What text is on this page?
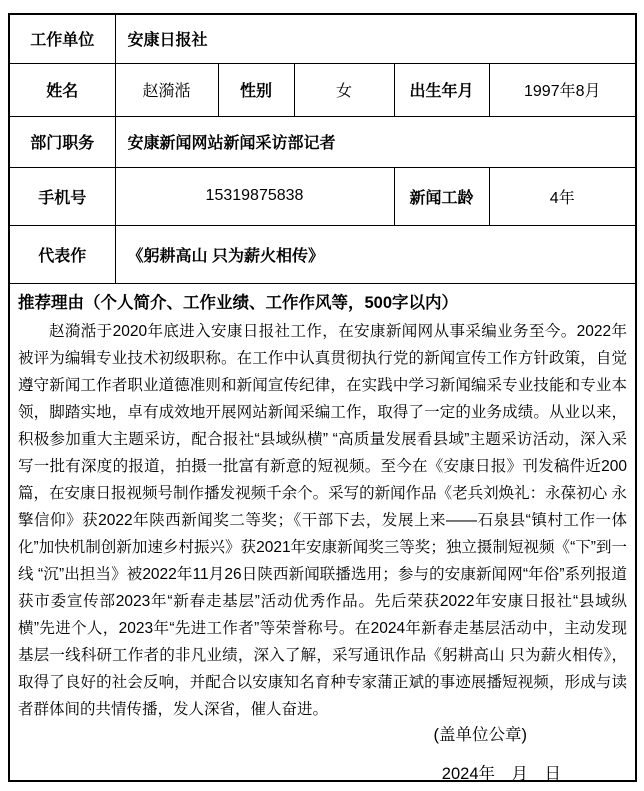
工作单位	安康日报社				
姓名	赵漪湉	性别	女	出生年月	1997年8月
部门职务	安康新闻网站新闻采访部记者				
手机号	15319875838			新闻工龄	4年
代表作	《躬耕高山 只为薪火相传》				

推荐理由（个人简介、工作业绩、工作作风等，500字以内）
赵漪湉于2020年底进入安康日报社工作，在安康新闻网从事采编业务至今。2022年被评为编辑专业技术初级职称。在工作中认真贯彻执行党的新闻宣传工作方针政策，自觉遵守新闻工作者职业道德准则和新闻宣传纪律，在实践中学习新闻编采专业技能和专业本领，脚踏实地，卓有成效地开展网站新闻采编工作，取得了一定的业务成绩。从业以来，积极参加重大主题采访，配合报社“县域纵横” “高质量发展看县域”主题采访活动，深入采写一批有深度的报道，拍摄一批富有新意的短视频。至今在《安康日报》刊发稿件近200篇，在安康日报视频号制作播发视频千余个。采写的新闻作品《老兵刘焕礼：永葆初心 永擎信仰》获2022年陕西新闻奖二等奖；《干部下去，发展上来——石泉县“镇村工作一体化”加快机制创新加速乡村振兴》获2021年安康新闻奖三等奖；独立摄制短视频《“下”到一线 “沉”出担当》被2022年11月26日陕西新闻联播选用；参与的安康新闻网“年俗”系列报道获市委宣传部2023年“新春走基层”活动优秀作品。先后荣获2022年安康日报社“县域纵横”先进个人，2023年“先进工作者”等荣誉称号。在2024年新春走基层活动中，主动发现基层一线科研工作者的非凡业绩，深入了解，采写通讯作品《躬耕高山 只为薪火相传》，取得了良好的社会反响，并配合以安康知名育种专家蒲正斌的事迹展播短视频，形成与读者群体间的共情传播，发人深省，催人奋进。
(盖单位公章)
2024年　月　日					
